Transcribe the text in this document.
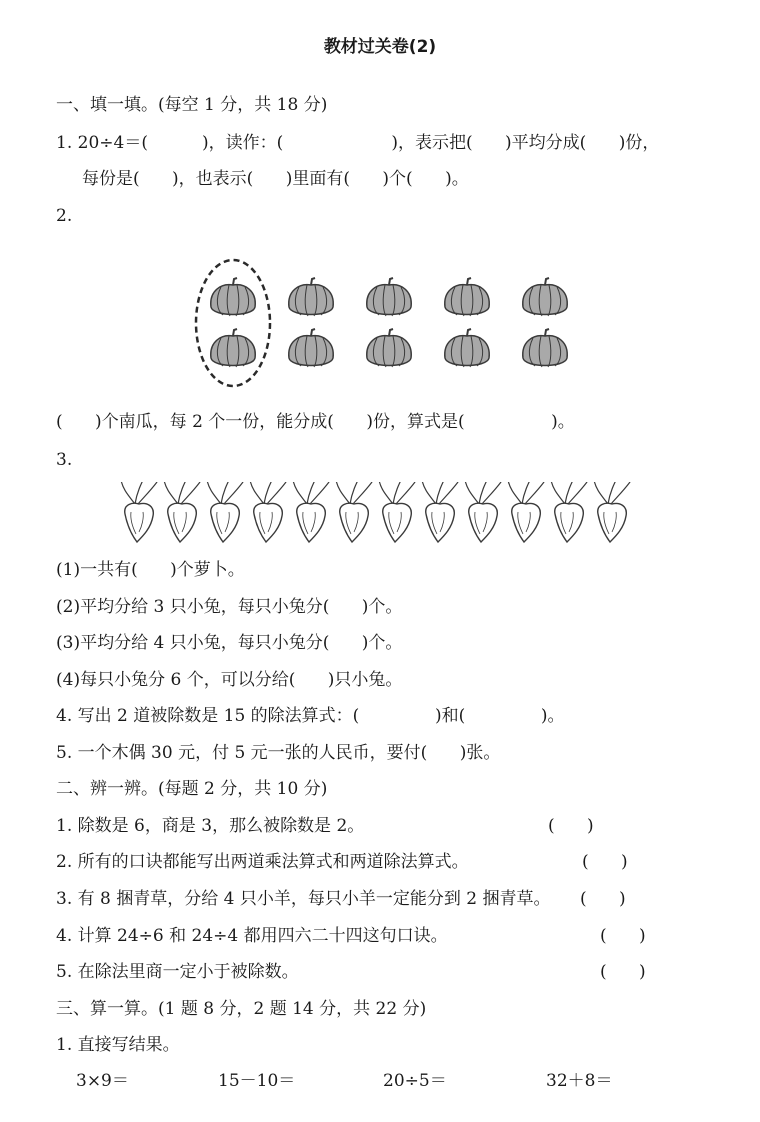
教材过关卷(2)
一、填一填。(每空 1 分，共 18 分)
1. 20÷4＝(          )，读作：(                    )，表示把(      )平均分成(      )份，
每份是(      )，也表示(      )里面有(      )个(      )。
2.
(      )个南瓜，每 2 个一份，能分成(      )份，算式是(                )。
3.
(1)一共有(      )个萝卜。
(2)平均分给 3 只小兔，每只小兔分(      )个。
(3)平均分给 4 只小兔，每只小兔分(      )个。
(4)每只小兔分 6 个，可以分给(      )只小兔。
4. 写出 2 道被除数是 15 的除法算式：(              )和(              )。
5. 一个木偶 30 元，付 5 元一张的人民币，要付(      )张。
二、辨一辨。(每题 2 分，共 10 分)
1. 除数是 6，商是 3，那么被除数是 2。	(      )
2. 所有的口诀都能写出两道乘法算式和两道除法算式。	(      )
3. 有 8 捆青草，分给 4 只小羊，每只小羊一定能分到 2 捆青草。 (      )
4. 计算 24÷6 和 24÷4 都用四六二十四这句口诀。	(      )
5. 在除法里商一定小于被除数。	(      )
三、算一算。(1 题 8 分，2 题 14 分，共 22 分)
1. 直接写结果。
3×9＝	15－10＝	20÷5＝	32＋8＝
